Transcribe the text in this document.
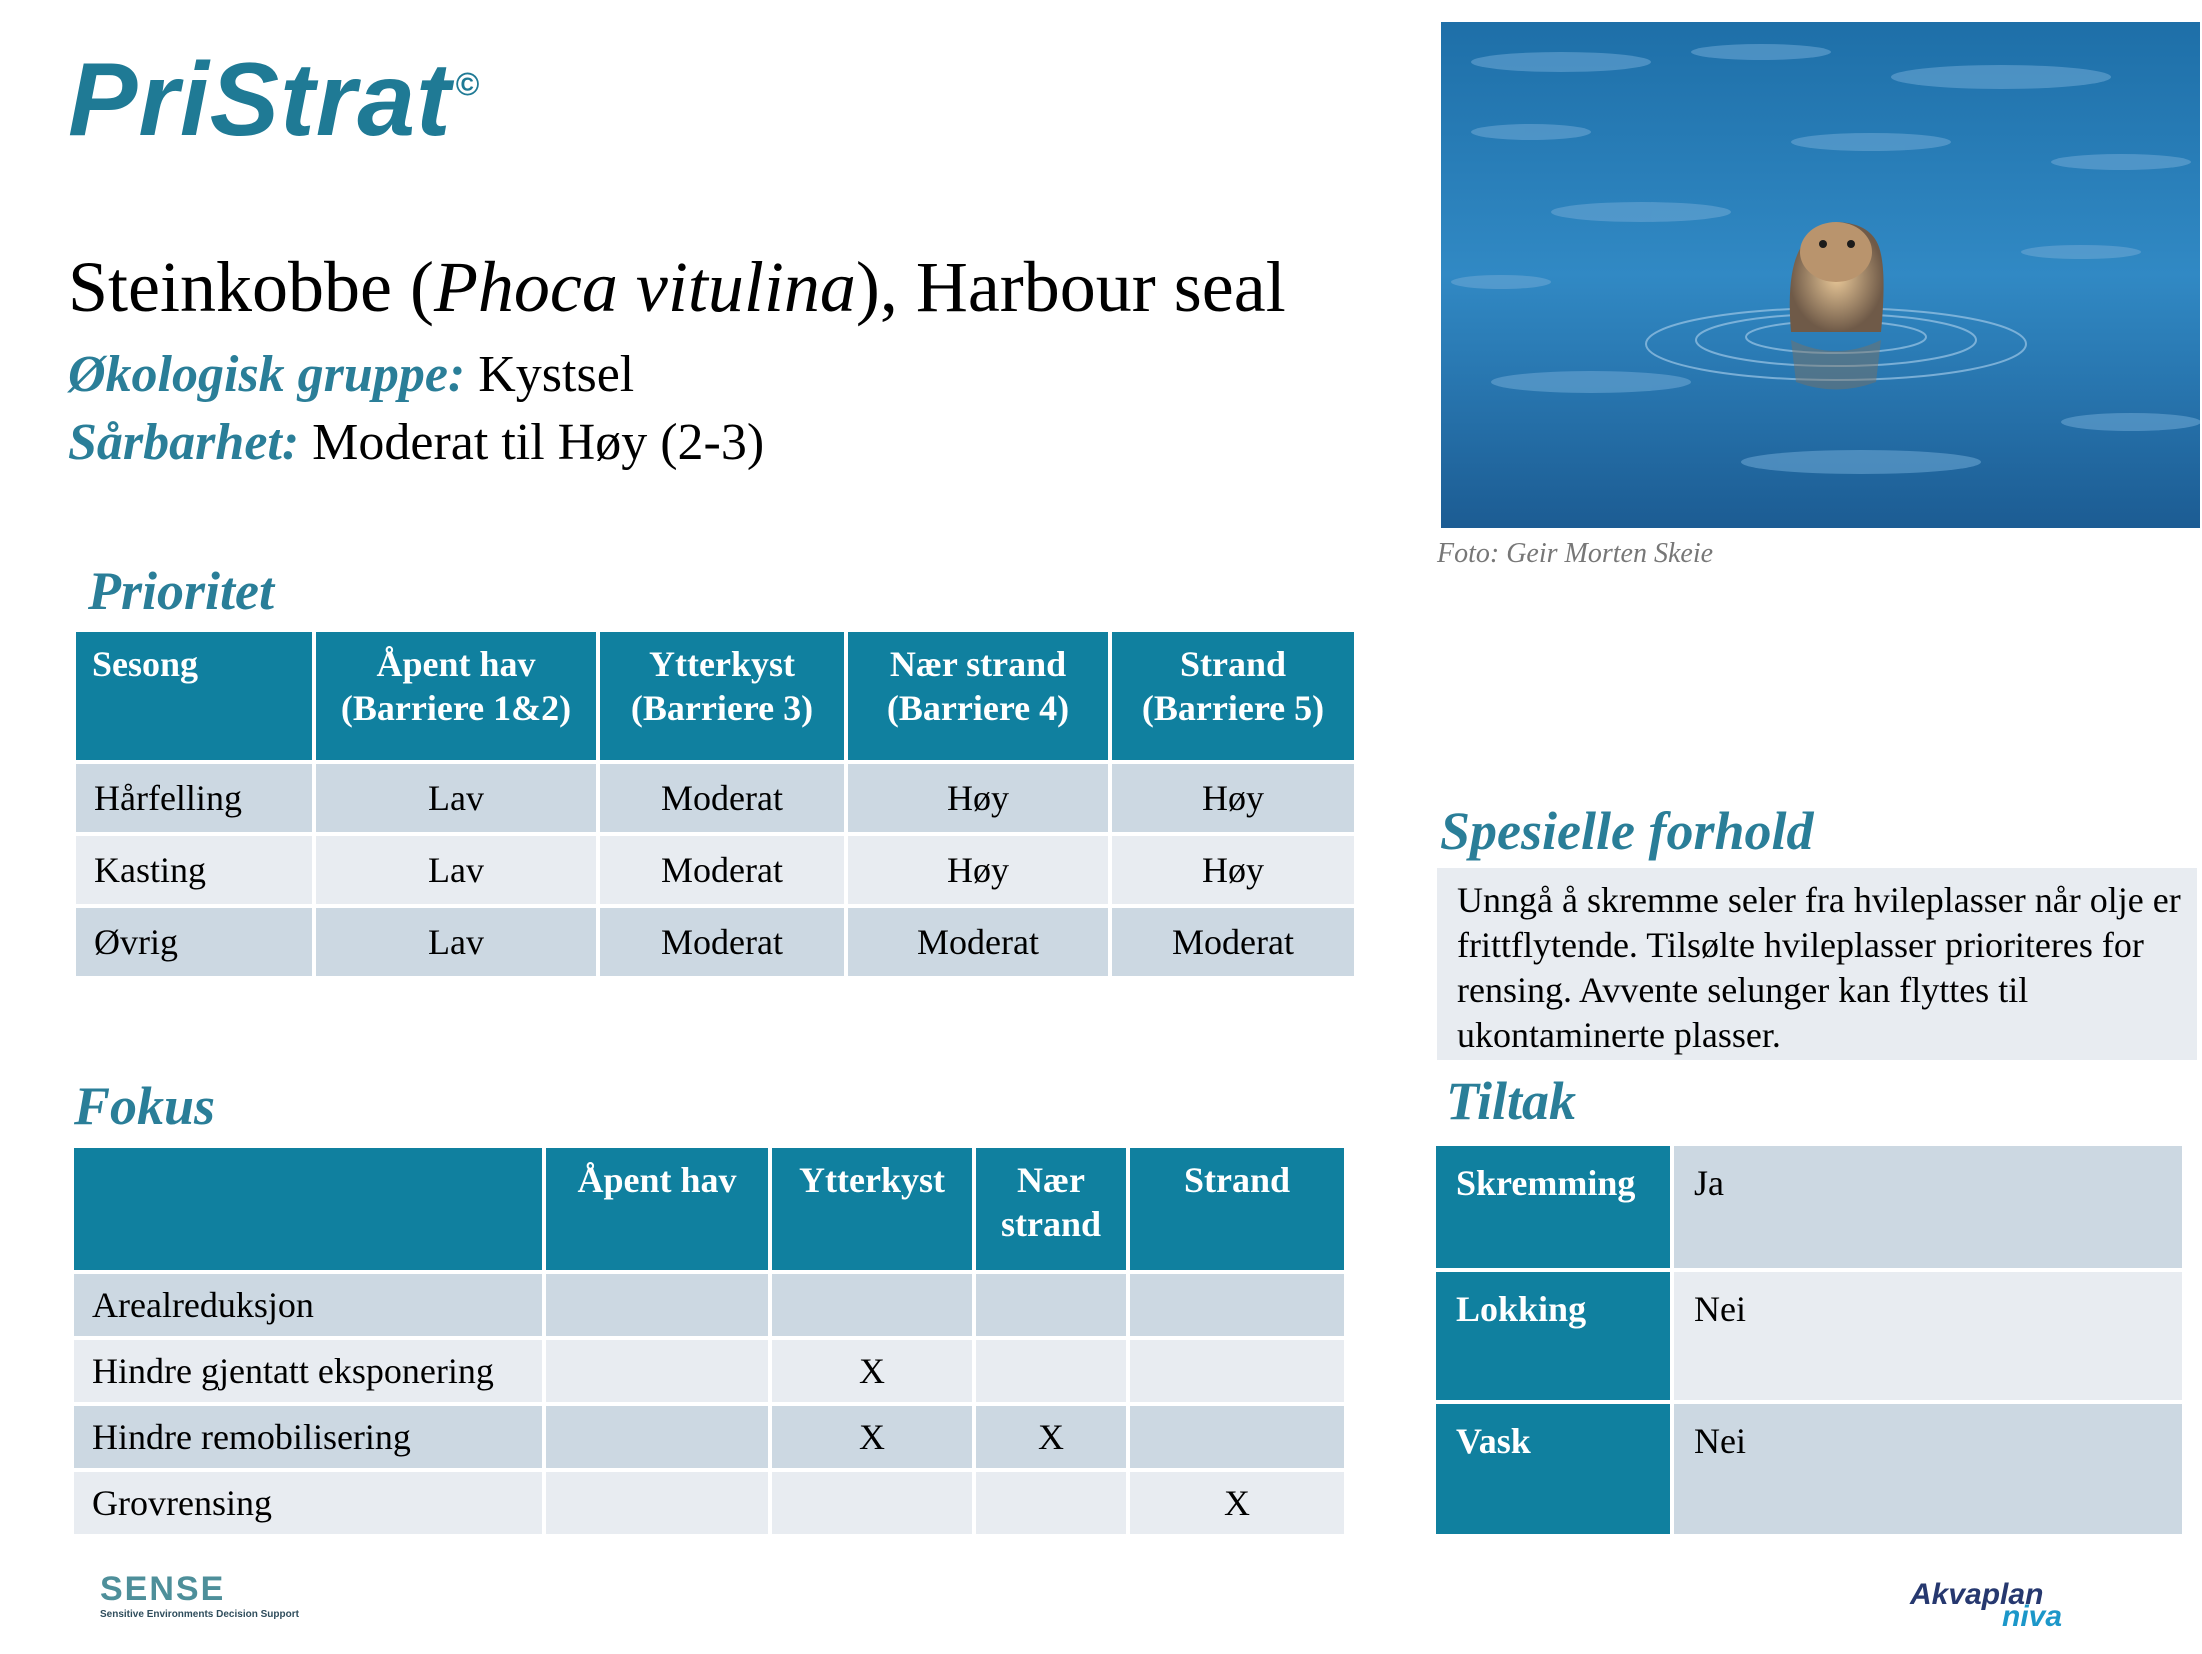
PriStrat ©
Steinkobbe (Phoca vitulina), Harbour seal
Økologisk gruppe: Kystsel
Sårbarhet: Moderat til Høy (2-3)
Foto: Geir Morten Skeie
Prioritet
Sesong	Åpent hav (Barriere 1&2)	Ytterkyst (Barriere 3)	Nær strand (Barriere 4)	Strand (Barriere 5)
Hårfelling	Lav	Moderat	Høy	Høy
Kasting	Lav	Moderat	Høy	Høy
Øvrig	Lav	Moderat	Moderat	Moderat
Fokus
	Åpent hav	Ytterkyst	Nær strand	Strand
Arealreduksjon				
Hindre gjentatt eksponering		X		
Hindre remobilisering		X	X	
Grovrensing				X
Spesielle forhold
Unngå å skremme seler fra hvileplasser når olje er frittflytende. Tilsølte hvileplasser prioriteres for rensing. Avvente selunger kan flyttes til ukontaminerte plasser.
Tiltak
Skremming	Ja
Lokking	Nei
Vask	Nei
SENSE
Sensitive Environments Decision Support
Akvaplan
niva
